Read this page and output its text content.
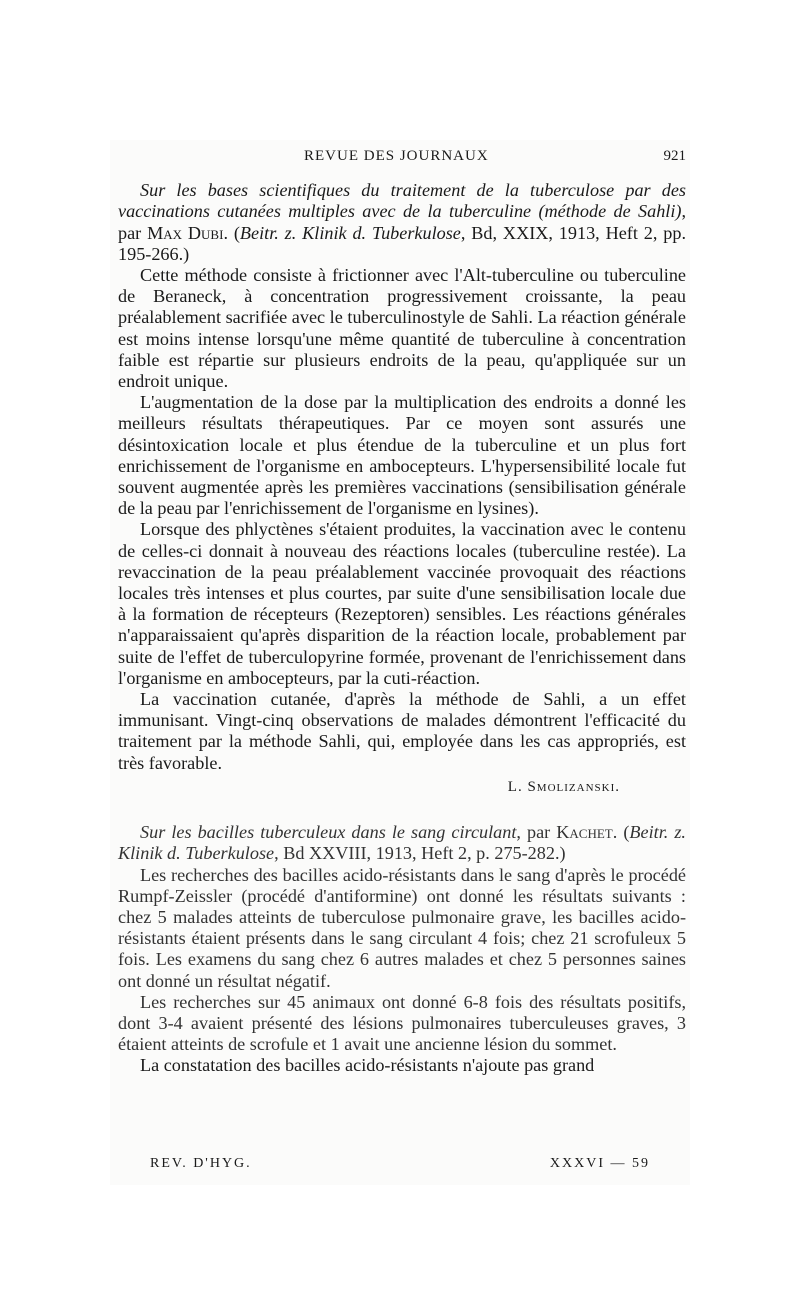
REVUE DES JOURNAUX	921

Sur les bases scientifiques du traitement de la tuberculose par des vaccinations cutanées multiples avec de la tuberculine (méthode de Sahli), par Max Dubi. (Beitr. z. Klinik d. Tuberkulose, Bd, XXIX, 1913, Heft 2, pp. 195-266.)

Cette méthode consiste à frictionner avec l'Alt-tuberculine ou tuberculine de Beraneck, à concentration progressivement croissante, la peau préalablement sacrifiée avec le tuberculinostyle de Sahli. La réaction générale est moins intense lorsqu'une même quantité de tuberculine à concentration faible est répartie sur plusieurs endroits de la peau, qu'appliquée sur un endroit unique.

L'augmentation de la dose par la multiplication des endroits a donné les meilleurs résultats thérapeutiques. Par ce moyen sont assurés une désintoxication locale et plus étendue de la tuberculine et un plus fort enrichissement de l'organisme en ambocepteurs. L'hypersensibilité locale fut souvent augmentée après les premières vaccinations (sensibilisation générale de la peau par l'enrichissement de l'organisme en lysines).

Lorsque des phlyctènes s'étaient produites, la vaccination avec le contenu de celles-ci donnait à nouveau des réactions locales (tuberculine restée). La revaccination de la peau préalablement vaccinée provoquait des réactions locales très intenses et plus courtes, par suite d'une sensibilisation locale due à la formation de récepteurs (Rezeptoren) sensibles. Les réactions générales n'apparaissaient qu'après disparition de la réaction locale, probablement par suite de l'effet de tuberculopyrine formée, provenant de l'enrichissement dans l'organisme en ambocepteurs, par la cuti-réaction.

La vaccination cutanée, d'après la méthode de Sahli, a un effet immunisant. Vingt-cinq observations de malades démontrent l'efficacité du traitement par la méthode Sahli, qui, employée dans les cas appropriés, est très favorable.

L. Smolizanski.

Sur les bacilles tuberculeux dans le sang circulant, par Kachet. (Beitr. z. Klinik d. Tuberkulose, Bd XXVIII, 1913, Heft 2, p. 275-282.)

Les recherches des bacilles acido-résistants dans le sang d'après le procédé Rumpf-Zeissler (procédé d'antiformine) ont donné les résultats suivants : chez 5 malades atteints de tuberculose pulmonaire grave, les bacilles acido-résistants étaient présents dans le sang circulant 4 fois; chez 21 scrofuleux 5 fois. Les examens du sang chez 6 autres malades et chez 5 personnes saines ont donné un résultat négatif.

Les recherches sur 45 animaux ont donné 6-8 fois des résultats positifs, dont 3-4 avaient présenté des lésions pulmonaires tuberculeuses graves, 3 étaient atteints de scrofule et 1 avait une ancienne lésion du sommet.

La constatation des bacilles acido-résistants n'ajoute pas grand

REV. D'HYG.	XXXVI — 59
